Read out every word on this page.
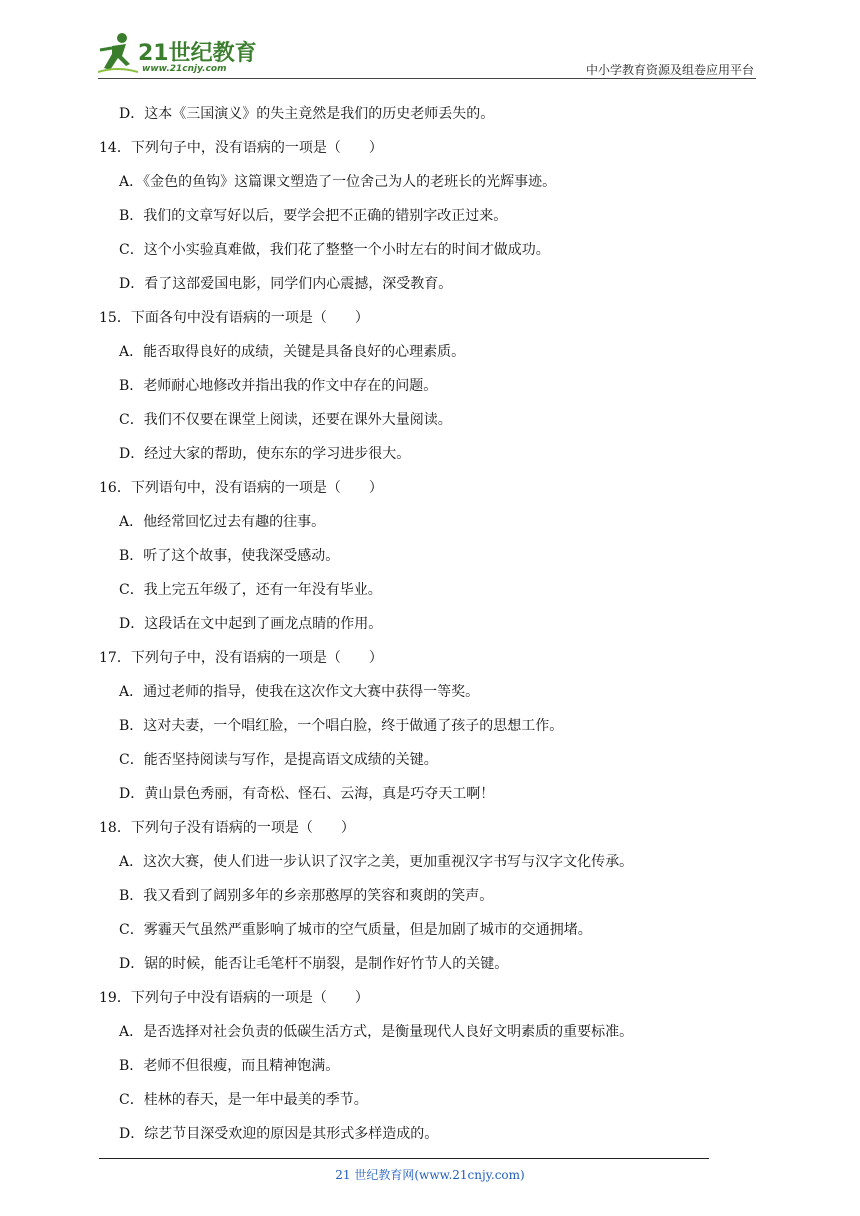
21世纪教育
www.21cnjy.com	中小学教育资源及组卷应用平台
D．这本《三国演义》的失主竟然是我们的历史老师丢失的。
14．下列句子中，没有语病的一项是（　　）
A．《金色的鱼钩》这篇课文塑造了一位舍己为人的老班长的光辉事迹。
B．我们的文章写好以后，要学会把不正确的错别字改正过来。
C．这个小实验真难做，我们花了整整一个小时左右的时间才做成功。
D．看了这部爱国电影，同学们内心震撼，深受教育。
15．下面各句中没有语病的一项是（　　）
A．能否取得良好的成绩，关键是具备良好的心理素质。
B．老师耐心地修改并指出我的作文中存在的问题。
C．我们不仅要在课堂上阅读，还要在课外大量阅读。
D．经过大家的帮助，使东东的学习进步很大。
16．下列语句中，没有语病的一项是（　　）
A．他经常回忆过去有趣的往事。
B．听了这个故事，使我深受感动。
C．我上完五年级了，还有一年没有毕业。
D．这段话在文中起到了画龙点睛的作用。
17．下列句子中，没有语病的一项是（　　）
A．通过老师的指导，使我在这次作文大赛中获得一等奖。
B．这对夫妻，一个唱红脸，一个唱白脸，终于做通了孩子的思想工作。
C．能否坚持阅读与写作，是提高语文成绩的关键。
D．黄山景色秀丽，有奇松、怪石、云海，真是巧夺天工啊！
18．下列句子没有语病的一项是（　　）
A．这次大赛，使人们进一步认识了汉字之美，更加重视汉字书写与汉字文化传承。
B．我又看到了阔别多年的乡亲那憨厚的笑容和爽朗的笑声。
C．雾霾天气虽然严重影响了城市的空气质量，但是加剧了城市的交通拥堵。
D．锯的时候，能否让毛笔杆不崩裂，是制作好竹节人的关键。
19．下列句子中没有语病的一项是（　　）
A．是否选择对社会负责的低碳生活方式，是衡量现代人良好文明素质的重要标准。
B．老师不但很瘦，而且精神饱满。
C．桂林的春天，是一年中最美的季节。
D．综艺节目深受欢迎的原因是其形式多样造成的。
21 世纪教育网(www.21cnjy.com)
